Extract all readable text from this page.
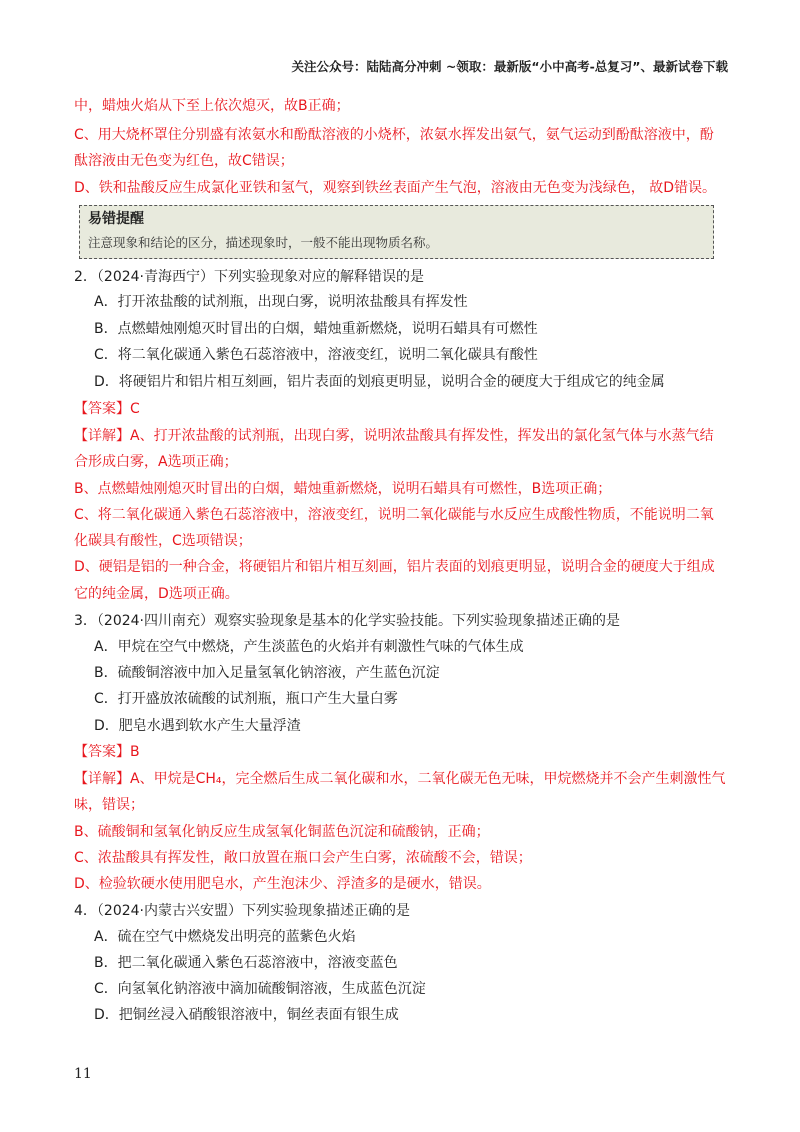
关注公众号：陆陆高分冲刺 ~领取：最新版“小中高考-总复习”、最新试卷下载
中，蜡烛火焰从下至上依次熄灭，故B正确；
C、用大烧杯罩住分别盛有浓氨水和酚酞溶液的小烧杯，浓氨水挥发出氨气，氨气运动到酚酞溶液中，酚
酞溶液由无色变为红色，故C错误；
D、铁和盐酸反应生成氯化亚铁和氢气，观察到铁丝表面产生气泡，溶液由无色变为浅绿色， 故D错误。
易错提醒
注意现象和结论的区分，描述现象时，一般不能出现物质名称。
2．（2024·青海西宁）下列实验现象对应的解释错误的是
A．打开浓盐酸的试剂瓶，出现白雾，说明浓盐酸具有挥发性
B．点燃蜡烛刚熄灭时冒出的白烟，蜡烛重新燃烧，说明石蜡具有可燃性
C．将二氧化碳通入紫色石蕊溶液中，溶液变红，说明二氧化碳具有酸性
D．将硬铝片和铝片相互刻画，铝片表面的划痕更明显，说明合金的硬度大于组成它的纯金属
【答案】C
【详解】A、打开浓盐酸的试剂瓶，出现白雾，说明浓盐酸具有挥发性，挥发出的氯化氢气体与水蒸气结
合形成白雾，A选项正确；
B、点燃蜡烛刚熄灭时冒出的白烟，蜡烛重新燃烧，说明石蜡具有可燃性，B选项正确；
C、将二氧化碳通入紫色石蕊溶液中，溶液变红，说明二氧化碳能与水反应生成酸性物质，不能说明二氧
化碳具有酸性，C选项错误；
D、硬铝是铝的一种合金，将硬铝片和铝片相互刻画，铝片表面的划痕更明显，说明合金的硬度大于组成
它的纯金属，D选项正确。
3．（2024·四川南充）观察实验现象是基本的化学实验技能。下列实验现象描述正确的是
A．甲烷在空气中燃烧，产生淡蓝色的火焰并有刺激性气味的气体生成
B．硫酸铜溶液中加入足量氢氧化钠溶液，产生蓝色沉淀
C．打开盛放浓硫酸的试剂瓶，瓶口产生大量白雾
D．肥皂水遇到软水产生大量浮渣
【答案】B
【详解】A、甲烷是CH₄，完全燃后生成二氧化碳和水，二氧化碳无色无味，甲烷燃烧并不会产生刺激性气
味，错误；
B、硫酸铜和氢氧化钠反应生成氢氧化铜蓝色沉淀和硫酸钠，正确；
C、浓盐酸具有挥发性，敞口放置在瓶口会产生白雾，浓硫酸不会，错误；
D、检验软硬水使用肥皂水，产生泡沫少、浮渣多的是硬水，错误。
4．（2024·内蒙古兴安盟）下列实验现象描述正确的是
A．硫在空气中燃烧发出明亮的蓝紫色火焰
B．把二氧化碳通入紫色石蕊溶液中，溶液变蓝色
C．向氢氧化钠溶液中滴加硫酸铜溶液，生成蓝色沉淀
D．把铜丝浸入硝酸银溶液中，铜丝表面有银生成
11
